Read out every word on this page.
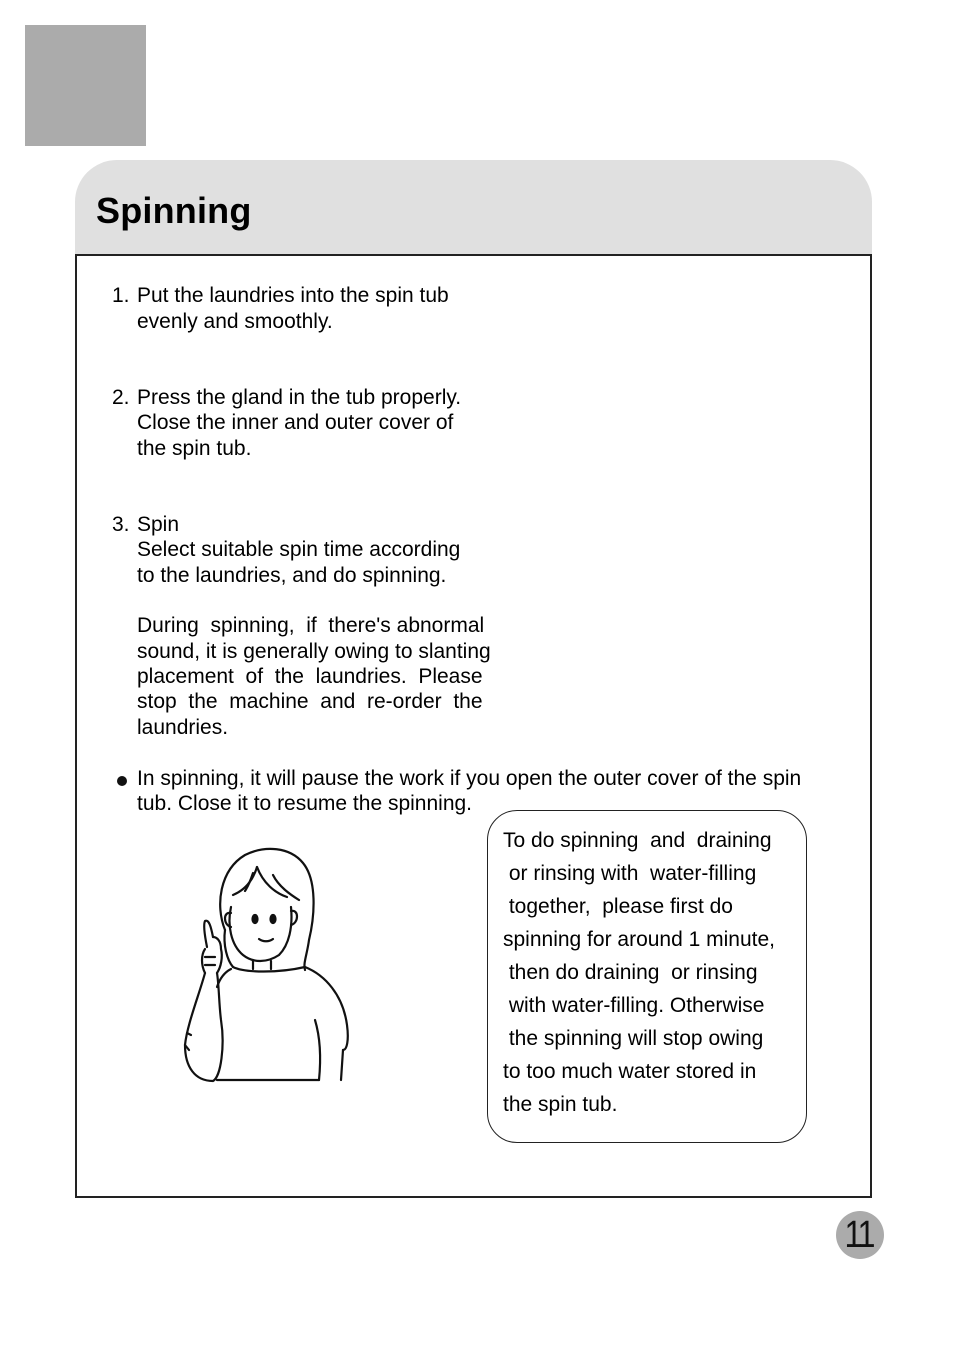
Spinning
1. Put the laundries into the spin tub
evenly and smoothly.
2. Press the gland in the tub properly.
Close the inner and outer cover of
the spin tub.
3. Spin
Select suitable spin time according
to the laundries, and do spinning.
During  spinning,  if  there's abnormal
sound, it is generally owing to slanting
placement  of  the  laundries.  Please
stop  the  machine  and  re-order  the
laundries.
In spinning, it will pause the work if you open the outer cover of the spin
tub. Close it to resume the spinning.
To do spinning  and  draining
or rinsing with  water-filling
together,  please first do
spinning for around 1 minute,
then do draining  or rinsing
with water-filling. Otherwise
the spinning will stop owing
to too much water stored in
the spin tub.
11
